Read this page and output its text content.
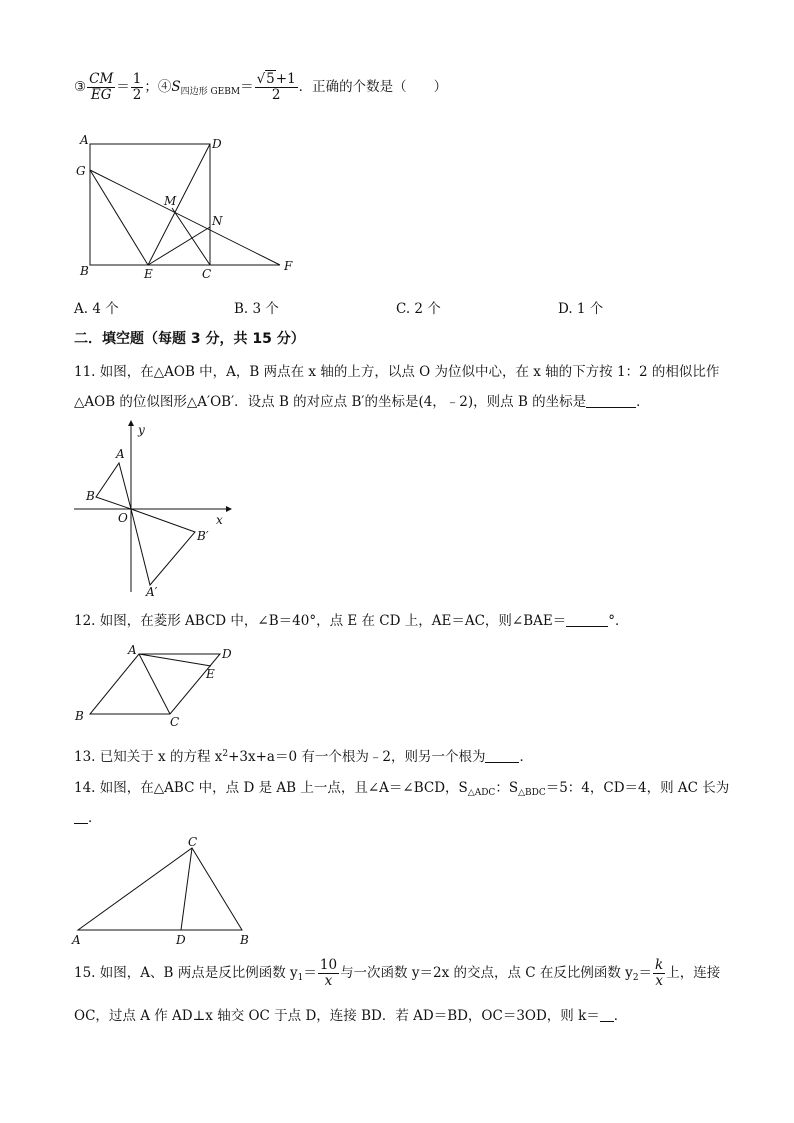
③ $\frac{CM}{EG} = \frac{1}{2}$ ；$④S_{四边形 GEBM}= \frac{√5+1}{2}$ ．正确的个数是（　　）
A	D
G
M
N
B	E	C
F
A. 4 个	B. 3 个	C. 2 个	D. 1 个
二．填空题（每题 3 分，共 15 分）
11. 如图，在△AOB 中，A，B 两点在 x 轴的上方，以点 O 为位似中心，在 x 轴的下方按 1：2 的相似比作
△AOB 的位似图形△A′OB′．设点 B 的对应点 B′的坐标是(4，﹣2)，则点 B 的坐标是	．
y
x
O
A
B
B′
A′
12. 如图，在菱形 ABCD 中，∠B＝40°，点 E 在 CD 上，AE＝AC，则∠BAE＝	°．
A	D
E
B	C
13. 已知关于 x 的方程 $x^2+3x+a=0$ 有一个根为﹣2，则另一个根为	．
14. 如图，在△ABC 中，点 D 是 AB 上一点，且∠A＝∠BCD，$S_{\triangle ADC}$：$S_{\triangle BDC}=5$：4，CD＝4，则 AC 长为
．
C
A	D	B
15. 如图，A、B 两点是反比例函数 $y_1= \frac{10}{x}$ 与一次函数 y＝2x 的交点，点 C 在反比例函数 $y_2= \frac{k}{x}$ 上，连接
OC，过点 A 作 AD⊥x 轴交 OC 于点 D，连接 BD．若 AD＝BD，OC＝3OD，则 k＝ ．
